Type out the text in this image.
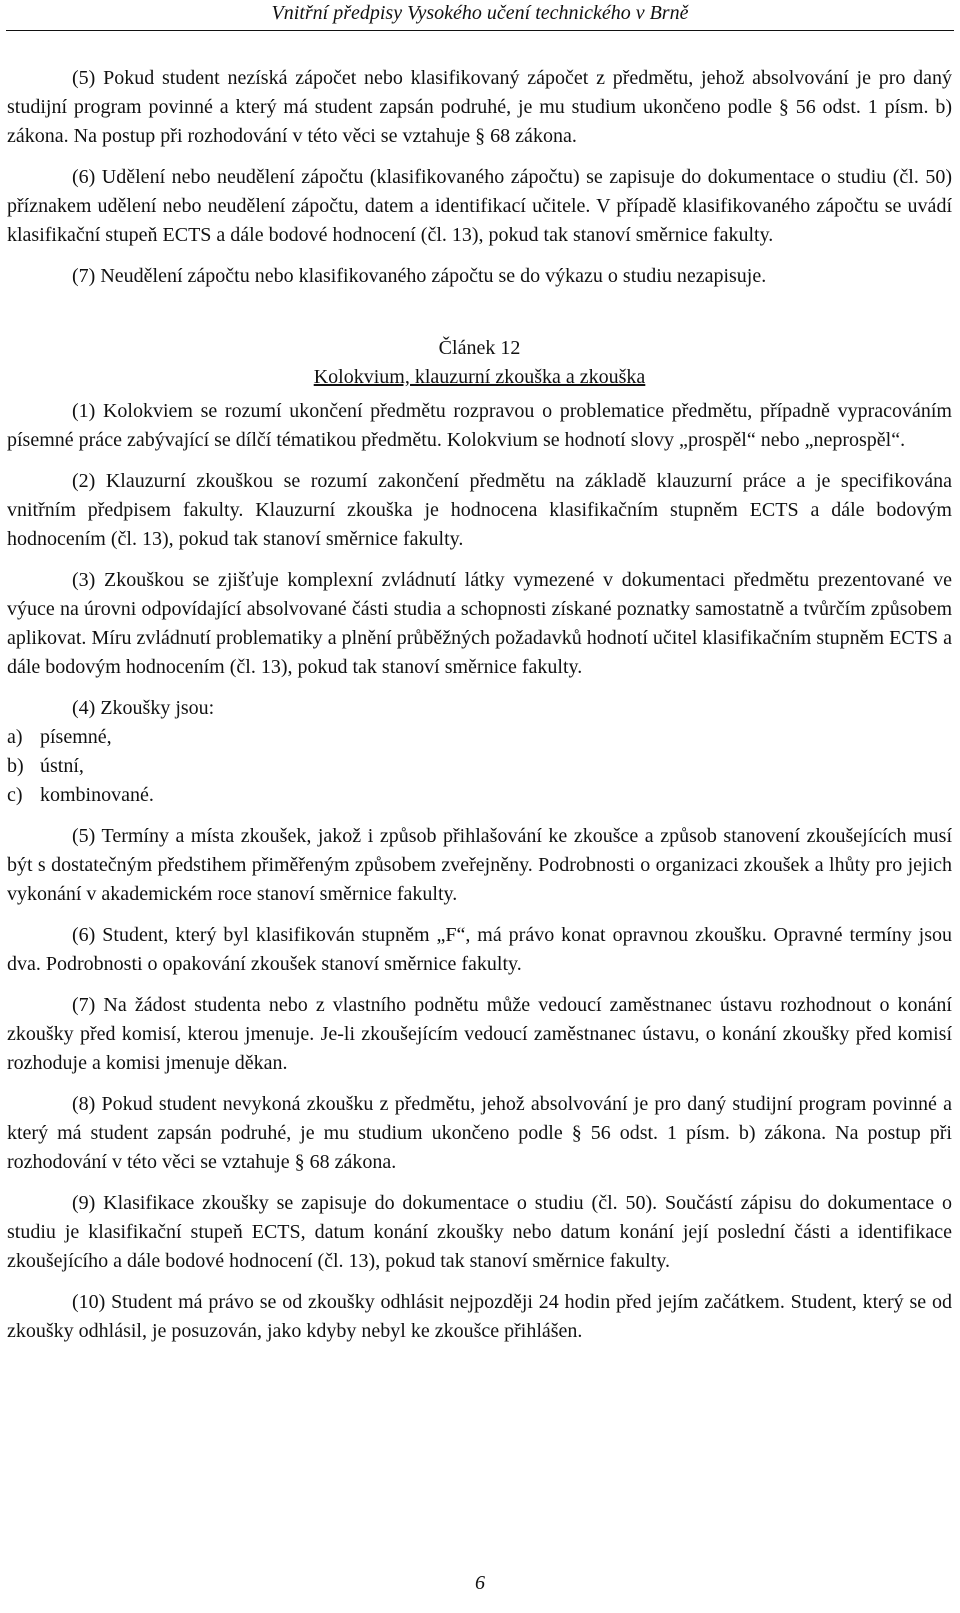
Vnitřní předpisy Vysokého učení technického v Brně

(5) Pokud student nezíská zápočet nebo klasifikovaný zápočet z předmětu, jehož absolvování je pro daný studijní program povinné a který má student zapsán podruhé, je mu studium ukončeno podle § 56 odst. 1 písm. b) zákona. Na postup při rozhodování v této věci se vztahuje § 68 zákona.

(6) Udělení nebo neudělení zápočtu (klasifikovaného zápočtu) se zapisuje do dokumentace o studiu (čl. 50) příznakem udělení nebo neudělení zápočtu, datem a identifikací učitele. V případě klasifikovaného zápočtu se uvádí klasifikační stupeň ECTS a dále bodové hodnocení (čl. 13), pokud tak stanoví směrnice fakulty.

(7) Neudělení zápočtu nebo klasifikovaného zápočtu se do výkazu o studiu nezapisuje.

Článek 12
Kolokvium, klauzurní zkouška a zkouška

(1) Kolokviem se rozumí ukončení předmětu rozpravou o problematice předmětu, případně vypracováním písemné práce zabývající se dílčí tématikou předmětu. Kolokvium se hodnotí slovy „prospěl“ nebo „neprospěl“.

(2) Klauzurní zkouškou se rozumí zakončení předmětu na základě klauzurní práce a je specifikována vnitřním předpisem fakulty. Klauzurní zkouška je hodnocena klasifikačním stupněm ECTS a dále bodovým hodnocením (čl. 13), pokud tak stanoví směrnice fakulty.

(3) Zkouškou se zjišťuje komplexní zvládnutí látky vymezené v dokumentaci předmětu prezentované ve výuce na úrovni odpovídající absolvované části studia a schopnosti získané poznatky samostatně a tvůrčím způsobem aplikovat. Míru zvládnutí problematiky a plnění průběžných požadavků hodnotí učitel klasifikačním stupněm ECTS a dále bodovým hodnocením (čl. 13), pokud tak stanoví směrnice fakulty.

(4) Zkoušky jsou:

a) písemné,
b) ústní,
c) kombinované.

(5) Termíny a místa zkoušek, jakož i způsob přihlašování ke zkoušce a způsob stanovení zkoušejících musí být s dostatečným předstihem přiměřeným způsobem zveřejněny. Podrobnosti o organizaci zkoušek a lhůty pro jejich vykonání v akademickém roce stanoví směrnice fakulty.

(6) Student, který byl klasifikován stupněm „F“, má právo konat opravnou zkoušku. Opravné termíny jsou dva. Podrobnosti o opakování zkoušek stanoví směrnice fakulty.

(7) Na žádost studenta nebo z vlastního podnětu může vedoucí zaměstnanec ústavu rozhodnout o konání zkoušky před komisí, kterou jmenuje. Je-li zkoušejícím vedoucí zaměstnanec ústavu, o konání zkoušky před komisí rozhoduje a komisi jmenuje děkan.

(8) Pokud student nevykoná zkoušku z předmětu, jehož absolvování je pro daný studijní program povinné a který má student zapsán podruhé, je mu studium ukončeno podle § 56 odst. 1 písm. b) zákona. Na postup při rozhodování v této věci se vztahuje § 68 zákona.

(9) Klasifikace zkoušky se zapisuje do dokumentace o studiu (čl. 50). Součástí zápisu do dokumentace o studiu je klasifikační stupeň ECTS, datum konání zkoušky nebo datum konání její poslední části a identifikace zkoušejícího a dále bodové hodnocení (čl. 13), pokud tak stanoví směrnice fakulty.

(10) Student má právo se od zkoušky odhlásit nejpozději 24 hodin před jejím začátkem. Student, který se od zkoušky odhlásil, je posuzován, jako kdyby nebyl ke zkoušce přihlášen.

6
